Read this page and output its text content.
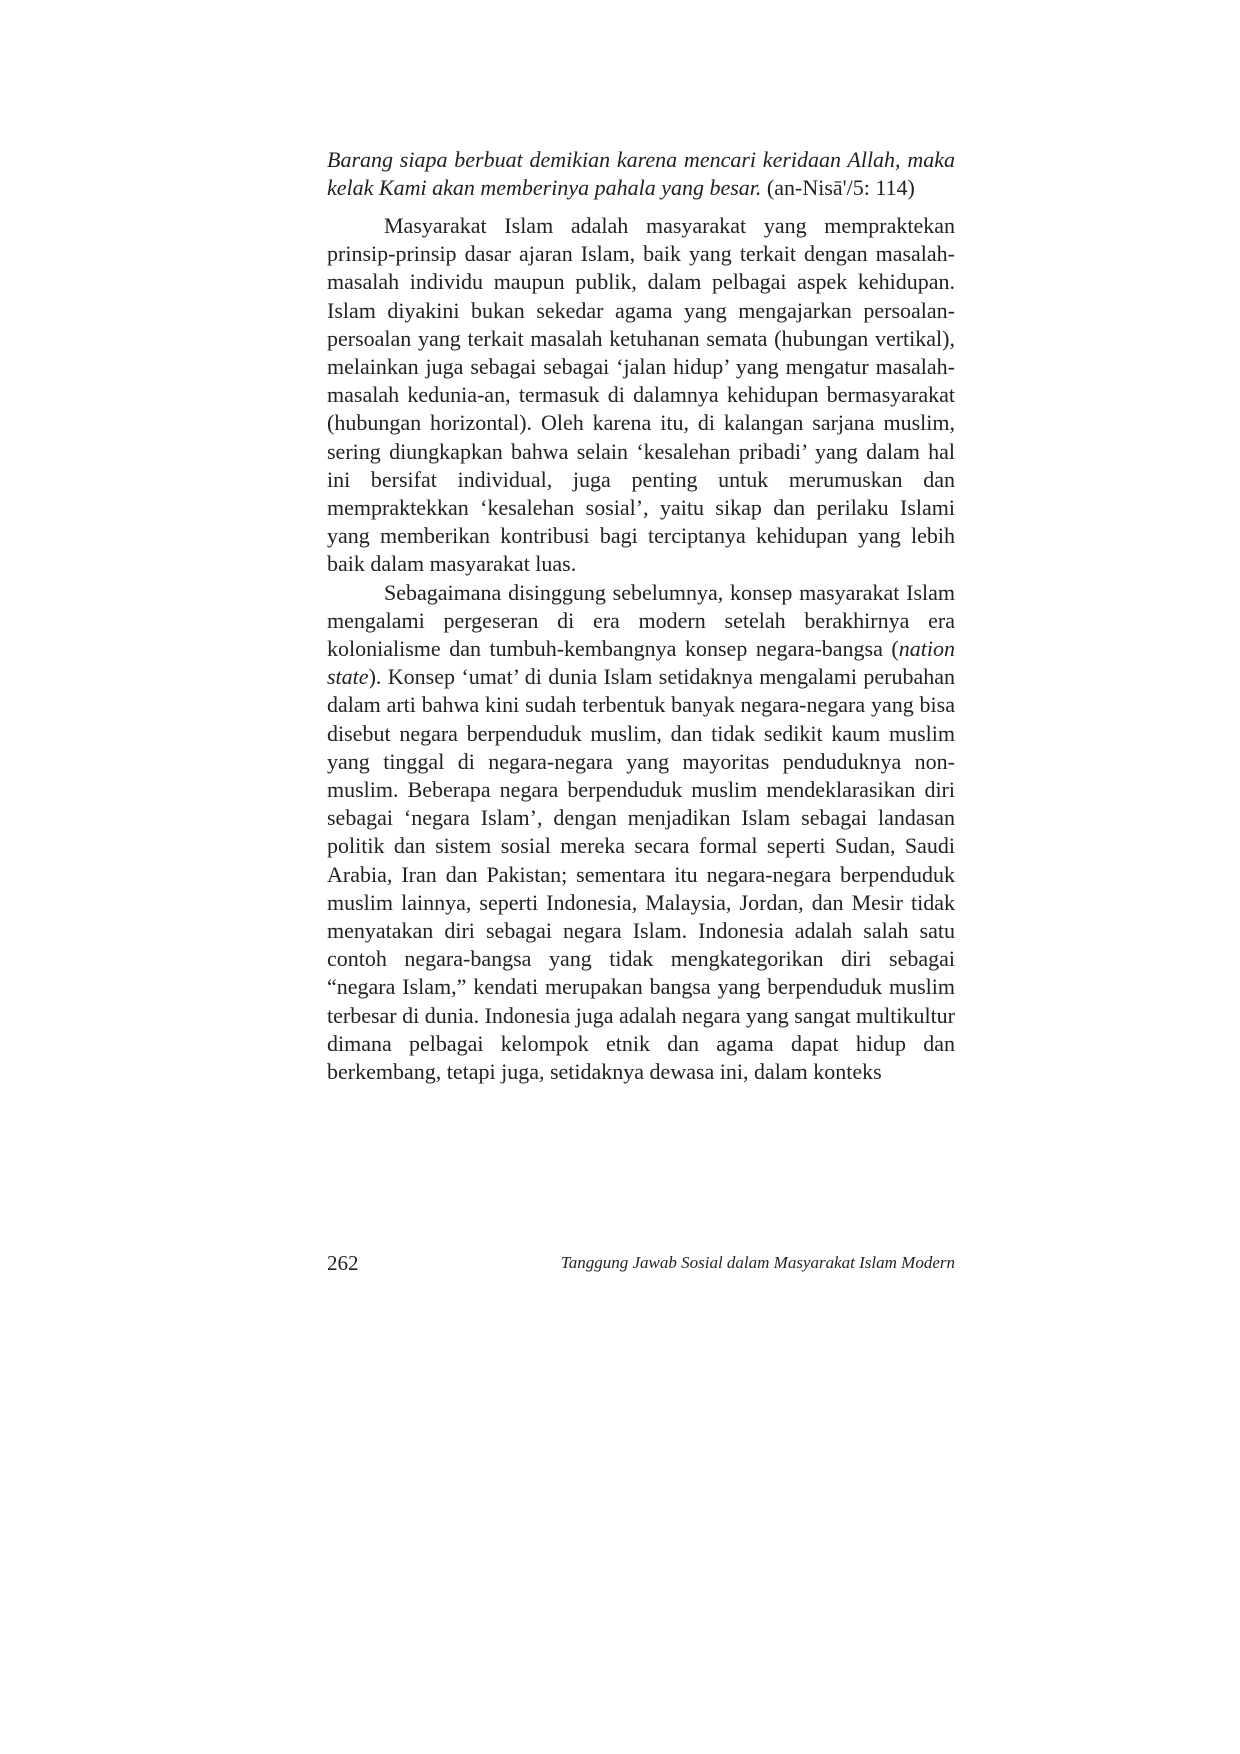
Barang siapa berbuat demikian karena mencari keridaan Allah, maka kelak Kami akan memberinya pahala yang besar. (an-Nisā'/5: 114)

Masyarakat Islam adalah masyarakat yang mempraktekan prinsip-prinsip dasar ajaran Islam, baik yang terkait dengan masalah-masalah individu maupun publik, dalam pelbagai aspek kehidupan. Islam diyakini bukan sekedar agama yang mengajarkan persoalan-persoalan yang terkait masalah ketuhanan semata (hubungan vertikal), melainkan juga sebagai sebagai ‘jalan hidup’ yang mengatur masalah-masalah kedunia-an, termasuk di dalamnya kehidupan bermasyarakat (hubungan horizontal). Oleh karena itu, di kalangan sarjana muslim, sering diungkapkan bahwa selain ‘kesalehan pribadi’ yang dalam hal ini bersifat individual, juga penting untuk merumuskan dan mempraktekkan ‘kesalehan sosial’, yaitu sikap dan perilaku Islami yang memberikan kontribusi bagi terciptanya kehidupan yang lebih baik dalam masyarakat luas.

Sebagaimana disinggung sebelumnya, konsep masyarakat Islam mengalami pergeseran di era modern setelah berakhirnya era kolonialisme dan tumbuh-kembangnya konsep negara-bangsa (nation state). Konsep ‘umat’ di dunia Islam setidaknya mengalami perubahan dalam arti bahwa kini sudah terbentuk banyak negara-negara yang bisa disebut negara berpenduduk muslim, dan tidak sedikit kaum muslim yang tinggal di negara-negara yang mayoritas penduduknya non-muslim. Beberapa negara berpenduduk muslim mendeklarasikan diri sebagai ‘negara Islam’, dengan menjadikan Islam sebagai landasan politik dan sistem sosial mereka secara formal seperti Sudan, Saudi Arabia, Iran dan Pakistan; sementara itu negara-negara berpenduduk muslim lainnya, seperti Indonesia, Malaysia, Jordan, dan Mesir tidak menyatakan diri sebagai negara Islam. Indonesia adalah salah satu contoh negara-bangsa yang tidak mengkategorikan diri sebagai “negara Islam,” kendati merupakan bangsa yang berpenduduk muslim terbesar di dunia. Indonesia juga adalah negara yang sangat multikultur dimana pelbagai kelompok etnik dan agama dapat hidup dan berkembang, tetapi juga, setidaknya dewasa ini, dalam konteks

262	Tanggung Jawab Sosial dalam Masyarakat Islam Modern
